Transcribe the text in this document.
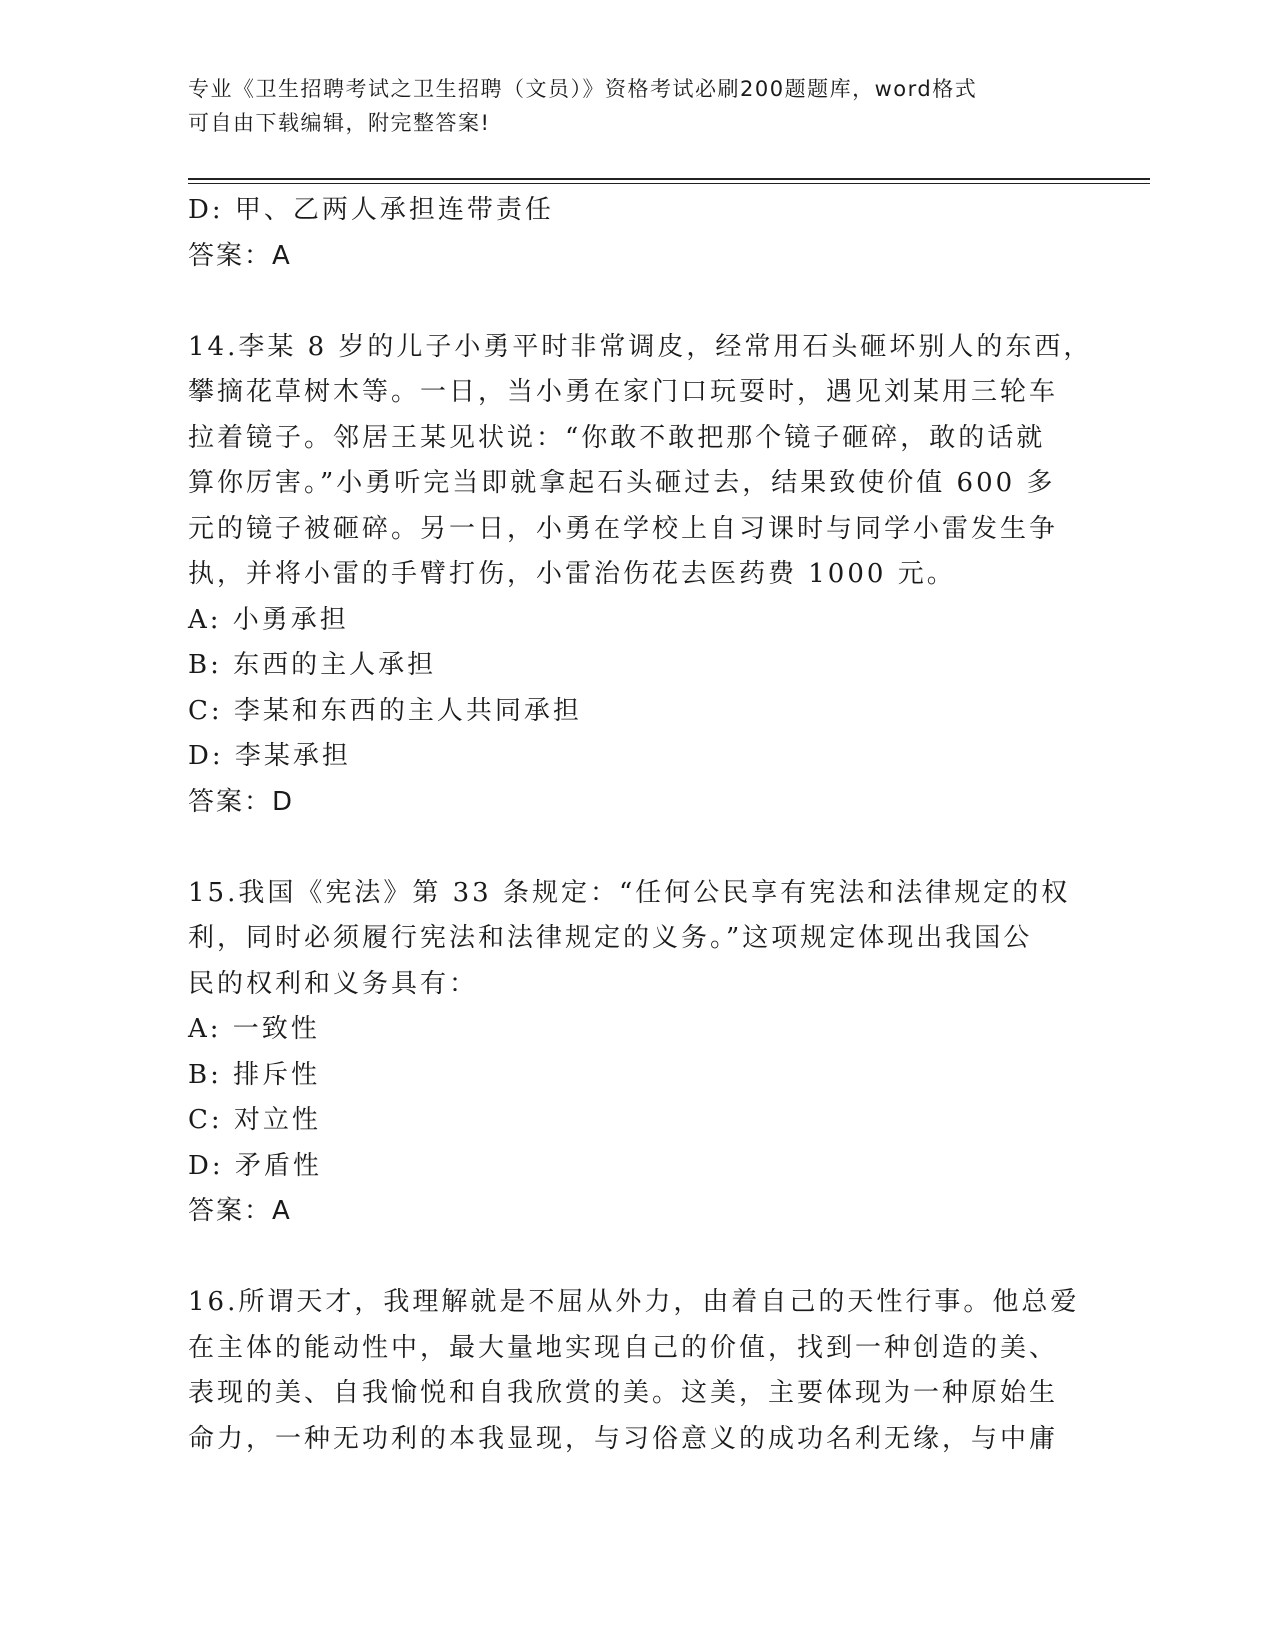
专业《卫生招聘考试之卫生招聘（文员）》资格考试必刷200题题库，word格式
可自由下载编辑，附完整答案!
D: 甲、乙两人承担连带责任
答案：A
14.李某 8 岁的儿子小勇平时非常调皮，经常用石头砸坏别人的东西，
攀摘花草树木等。一日，当小勇在家门口玩耍时，遇见刘某用三轮车
拉着镜子。邻居王某见状说：“你敢不敢把那个镜子砸碎，敢的话就
算你厉害。”小勇听完当即就拿起石头砸过去，结果致使价值 600 多
元的镜子被砸碎。另一日，小勇在学校上自习课时与同学小雷发生争
执，并将小雷的手臂打伤，小雷治伤花去医药费 1000 元。
A: 小勇承担
B: 东西的主人承担
C: 李某和东西的主人共同承担
D: 李某承担
答案：D
15.我国《宪法》第 33 条规定：“任何公民享有宪法和法律规定的权
利，同时必须履行宪法和法律规定的义务。”这项规定体现出我国公
民的权利和义务具有：
A: 一致性
B: 排斥性
C: 对立性
D: 矛盾性
答案：A
16.所谓天才，我理解就是不屈从外力，由着自己的天性行事。他总爱
在主体的能动性中，最大量地实现自己的价值，找到一种创造的美、
表现的美、自我愉悦和自我欣赏的美。这美，主要体现为一种原始生
命力，一种无功利的本我显现，与习俗意义的成功名利无缘，与中庸
